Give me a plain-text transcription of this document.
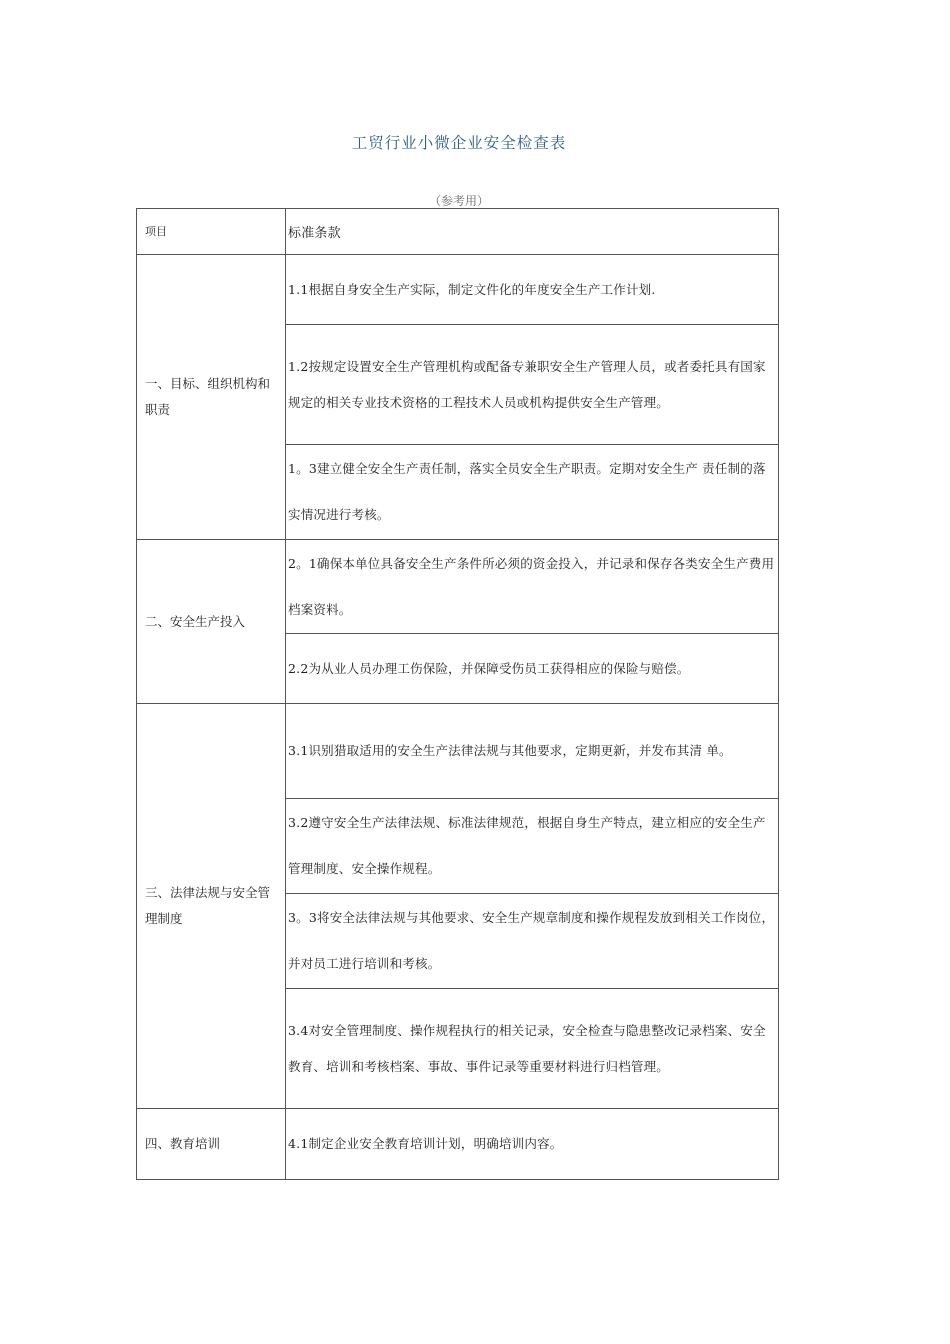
工贸行业小微企业安全检查表
（参考用）
项目	标准条款
一、目标、组织机构和职责	1.1根据自身安全生产实际，制定文件化的年度安全生产工作计划.
	1.2按规定设置安全生产管理机构或配备专兼职安全生产管理人员，或者委托具有国家规定的相关专业技术资格的工程技术人员或机构提供安全生产管理。
	1。3建立健全安全生产责任制，落实全员安全生产职责。定期对安全生产 责任制的落实情况进行考核。
二、安全生产投入	2。1确保本单位具备安全生产条件所必须的资金投入，并记录和保存各类安全生产费用档案资料。
	2.2为从业人员办理工伤保险，并保障受伤员工获得相应的保险与赔偿。
三、法律法规与安全管理制度	3.1识别猎取适用的安全生产法律法规与其他要求，定期更新，并发布其清 单。
	3.2遵守安全生产法律法规、标准法律规范，根据自身生产特点，建立相应的安全生产管理制度、安全操作规程。
	3。3将安全法律法规与其他要求、安全生产规章制度和操作规程发放到相关工作岗位，并对员工进行培训和考核。
	3.4对安全管理制度、操作规程执行的相关记录，安全检查与隐患整改记录档案、安全教育、培训和考核档案、事故、事件记录等重要材料进行归档管理。
四、教育培训	4.1制定企业安全教育培训计划，明确培训内容。
